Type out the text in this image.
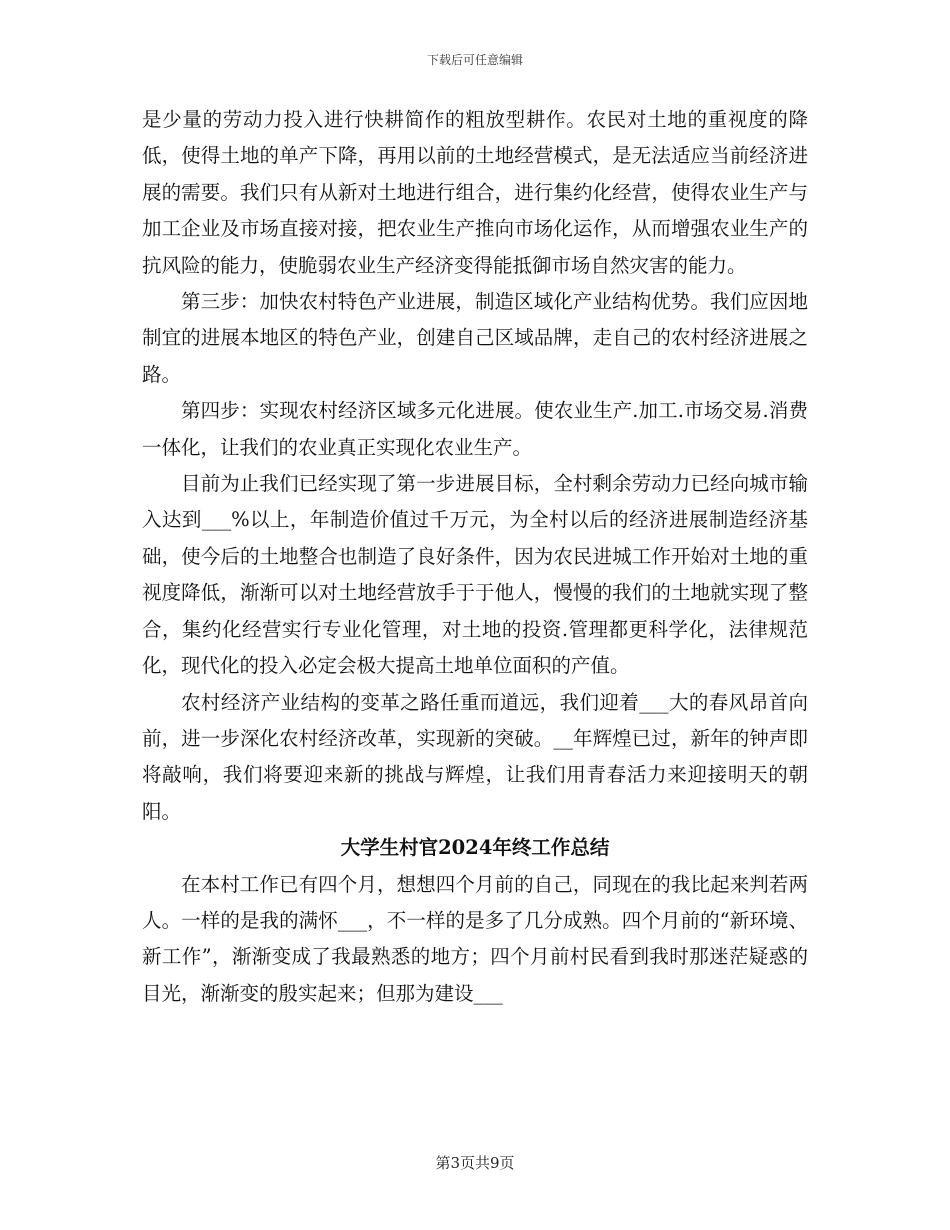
下载后可任意编辑

是少量的劳动力投入进行快耕简作的粗放型耕作。农民对土地的重视度的降低，使得土地的单产下降，再用以前的土地经营模式，是无法适应当前经济进展的需要。我们只有从新对土地进行组合，进行集约化经营，使得农业生产与加工企业及市场直接对接，把农业生产推向市场化运作，从而增强农业生产的抗风险的能力，使脆弱农业生产经济变得能抵御市场自然灾害的能力。

第三步：加快农村特色产业进展，制造区域化产业结构优势。我们应因地制宜的进展本地区的特色产业，创建自己区域品牌，走自己的农村经济进展之路。

第四步：实现农村经济区域多元化进展。使农业生产.加工.市场交易.消费一体化，让我们的农业真正实现化农业生产。

目前为止我们已经实现了第一步进展目标，全村剩余劳动力已经向城市输入达到___%以上，年制造价值过千万元，为全村以后的经济进展制造经济基础，使今后的土地整合也制造了良好条件，因为农民进城工作开始对土地的重视度降低，渐渐可以对土地经营放手于于他人，慢慢的我们的土地就实现了整合，集约化经营实行专业化管理，对土地的投资.管理都更科学化，法律规范化，现代化的投入必定会极大提高土地单位面积的产值。

农村经济产业结构的变革之路任重而道远，我们迎着___大的春风昂首向前，进一步深化农村经济改革，实现新的突破。__年辉煌已过，新年的钟声即将敲响，我们将要迎来新的挑战与辉煌，让我们用青春活力来迎接明天的朝阳。

大学生村官2024年终工作总结

在本村工作已有四个月，想想四个月前的自己，同现在的我比起来判若两人。一样的是我的满怀___，不一样的是多了几分成熟。四个月前的“新环境、新工作”，渐渐变成了我最熟悉的地方；四个月前村民看到我时那迷茫疑惑的目光，渐渐变的殷实起来；但那为建设___

第3页共9页
